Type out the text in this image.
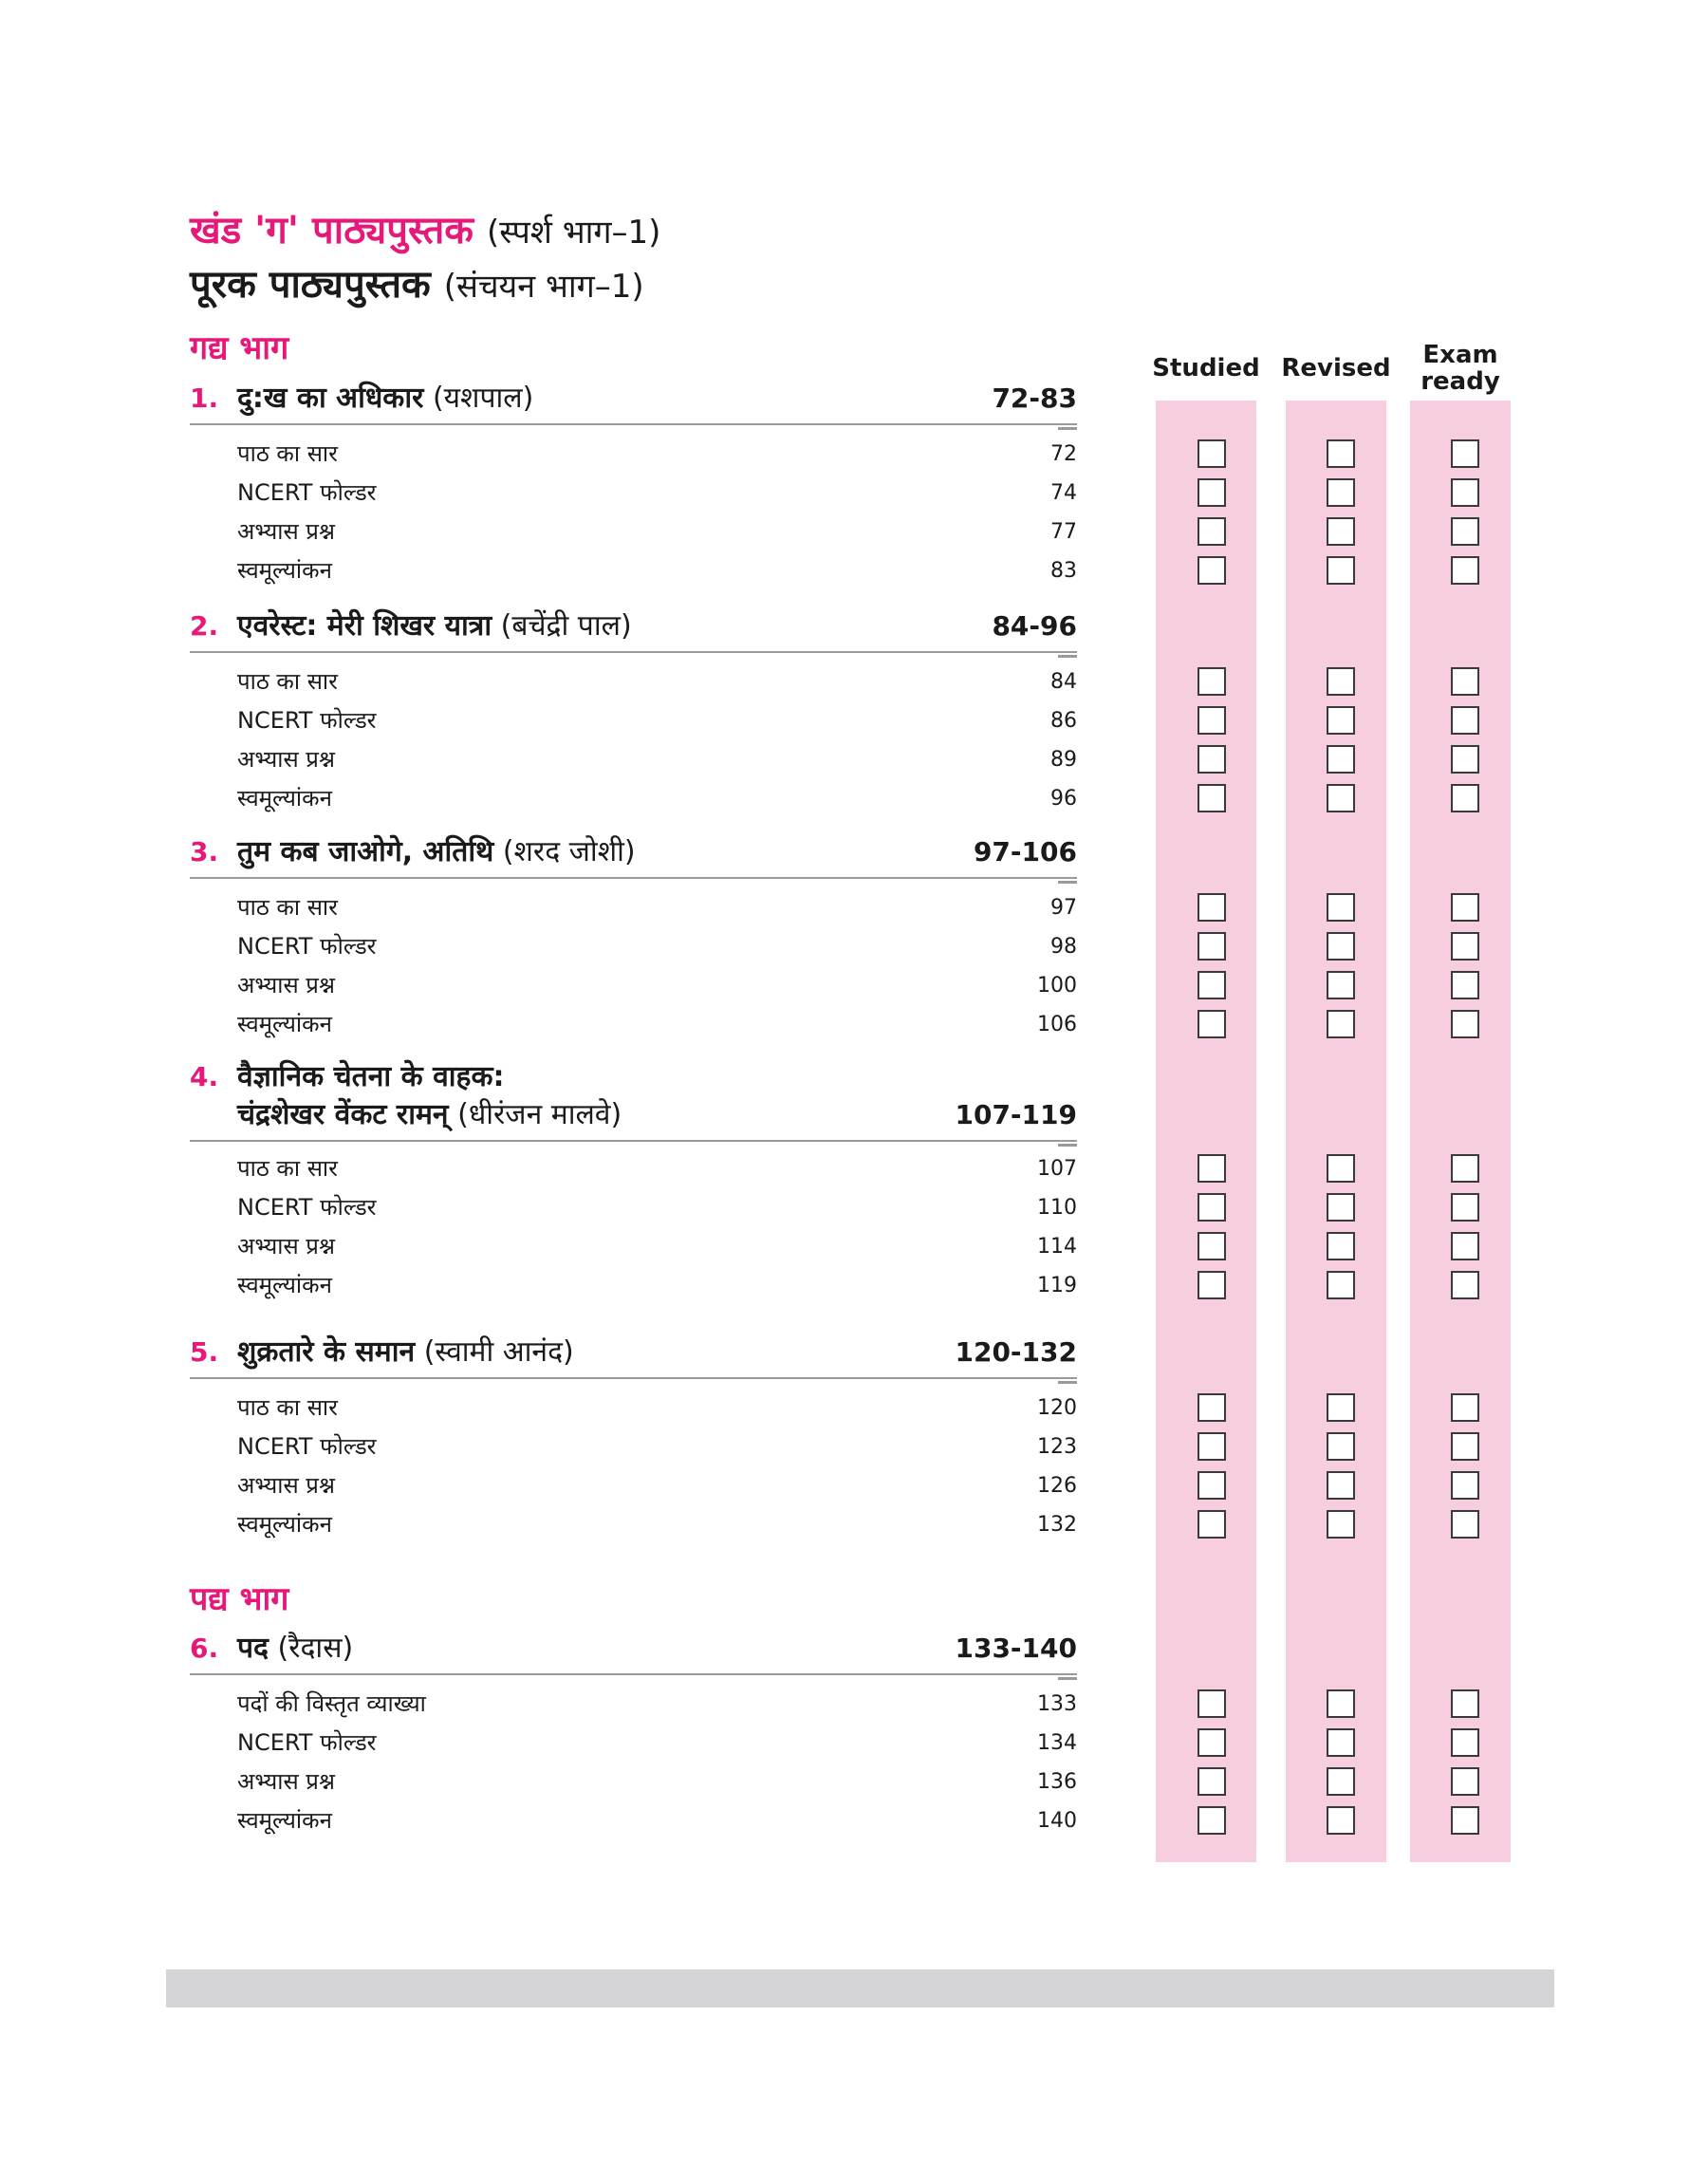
खंड 'ग' पाठ्यपुस्तक (स्पर्श भाग–1)
पूरक पाठ्यपुस्तक (संचयन भाग–1)
गद्य भाग
पद्य भाग
Studied Revised	Exam ready
1. दु:ख का अधिकार (यशपाल)	72-83
पाठ का सार	72
NCERT फोल्डर	74
अभ्यास प्रश्न	77
स्वमूल्यांकन	83
2. एवरेस्ट: मेरी शिखर यात्रा (बचेंद्री पाल)	84-96
पाठ का सार	84
NCERT फोल्डर	86
अभ्यास प्रश्न	89
स्वमूल्यांकन	96
3. तुम कब जाओगे, अतिथि (शरद जोशी)	97-106
पाठ का सार	97
NCERT फोल्डर	98
अभ्यास प्रश्न	100
स्वमूल्यांकन	106
4. वैज्ञानिक चेतना के वाहक:
चंद्रशेखर वेंकट रामन् (धीरंजन मालवे)	107-119
पाठ का सार	107
NCERT फोल्डर	110
अभ्यास प्रश्न	114
स्वमूल्यांकन	119
5. शुक्रतारे के समान (स्वामी आनंद)	120-132
पाठ का सार	120
NCERT फोल्डर	123
अभ्यास प्रश्न	126
स्वमूल्यांकन	132
6. पद (रैदास)	133-140
पदों की विस्तृत व्याख्या	133
NCERT फोल्डर	134
अभ्यास प्रश्न	136
स्वमूल्यांकन	140
